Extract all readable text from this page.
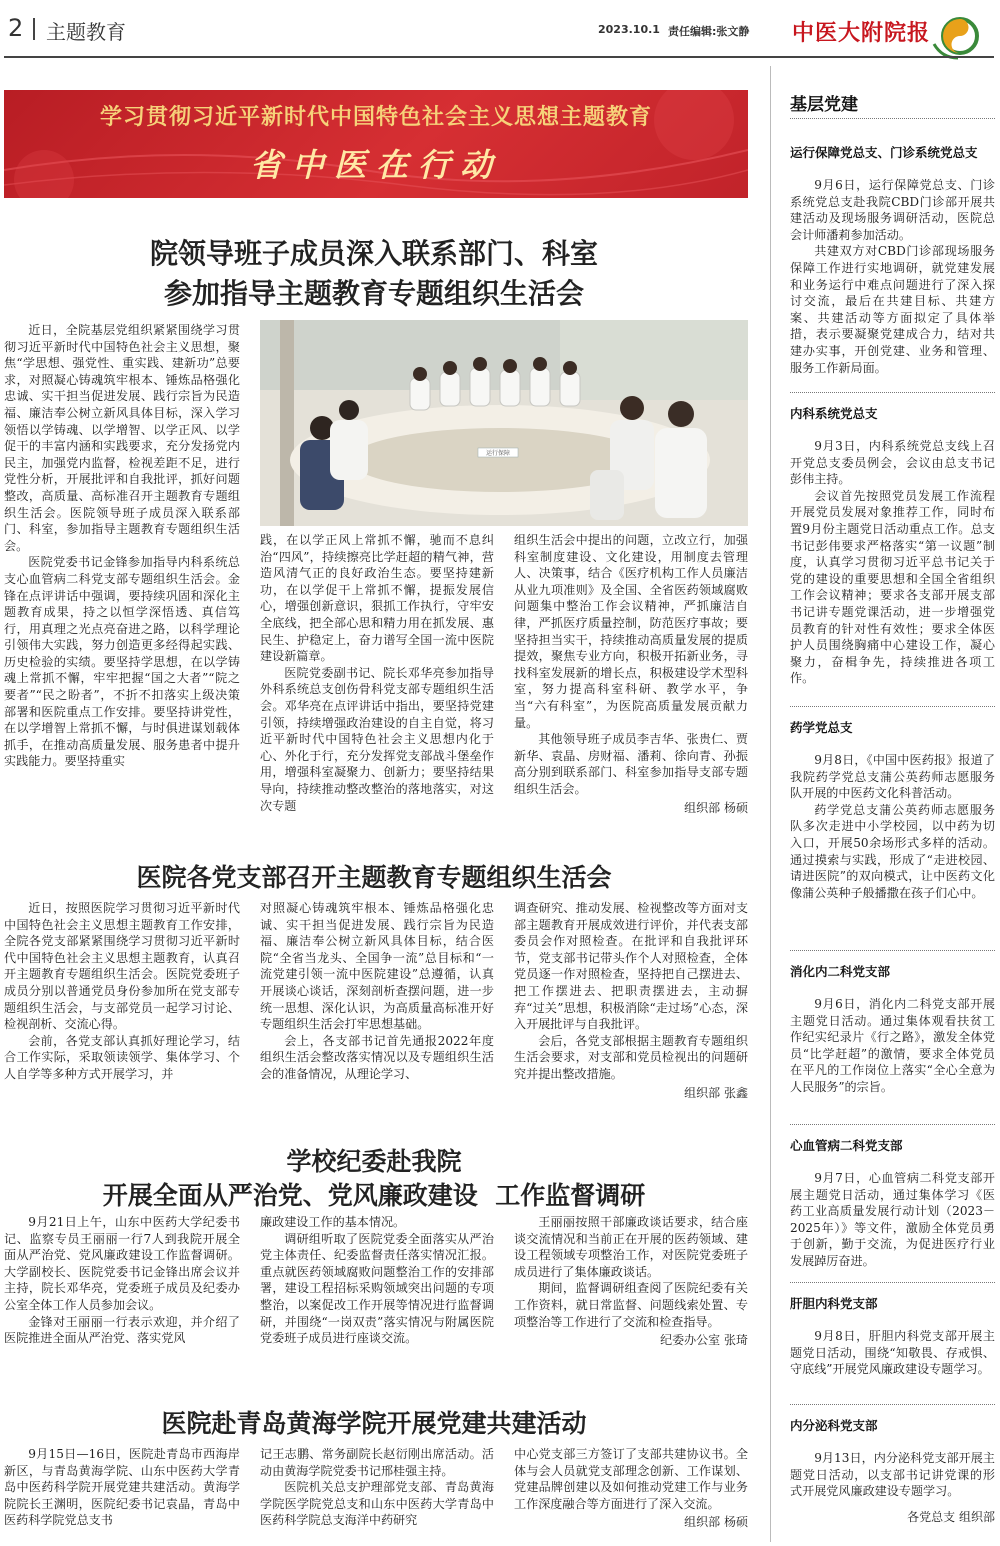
2 主题教育	2023.10.1 责任编辑:张文静 中医大附院报
学习贯彻习近平新时代中国特色社会主义思想主题教育
省中医在行动
院领导班子成员深入联系部门、科室
参加指导主题教育专题组织生活会

近日，全院基层党组织紧紧围绕学习贯彻习近平新时代中国特色社会主义思想，聚焦“学思想、强党性、重实践、建新功”总要求，对照凝心铸魂筑牢根本、锤炼品格强化忠诚、实干担当促进发展、践行宗旨为民造福、廉洁奉公树立新风具体目标，深入学习领悟以学铸魂、以学增智、以学正风、以学促干的丰富内涵和实践要求，充分发扬党内民主，加强党内监督，检视差距不足，进行党性分析，开展批评和自我批评，抓好问题整改，高质量、高标准召开主题教育专题组织生活会。医院领导班子成员深入联系部门、科室，参加指导主题教育专题组织生活会。

医院党委书记金锋参加指导内科系统总支心血管病二科党支部专题组织生活会。金锋在点评讲话中强调，要持续巩固和深化主题教育成果，持之以恒学深悟透、真信笃行，用真理之光点亮奋进之路，以科学理论引领伟大实践，努力创造更多经得起实践、历史检验的实绩。要坚持学思想，在以学铸魂上常抓不懈，牢牢把握“国之大者”“院之要者”“民之盼者”，不折不扣落实上级决策部署和医院重点工作安排。要坚持讲党性，在以学增智上常抓不懈，与时俱进谋划载体抓手，在推动高质量发展、服务患者中提升实践能力。要坚持重实

运行保障

践，在以学正风上常抓不懈，驰而不息纠治“四风”，持续擦亮比学赶超的精气神，营造风清气正的良好政治生态。要坚持建新功，在以学促干上常抓不懈，提振发展信心，增强创新意识，狠抓工作执行，守牢安全底线，把全部心思和精力用在抓发展、惠民生、护稳定上，奋力谱写全国一流中医院建设新篇章。

医院党委副书记、院长邓华亮参加指导外科系统总支创伤骨科党支部专题组织生活会。邓华亮在点评讲话中指出，要坚持党建引领，持续增强政治建设的自主自觉，将习近平新时代中国特色社会主义思想内化于心、外化于行，充分发挥党支部战斗堡垒作用，增强科室凝聚力、创新力；要坚持结果导向，持续推动整改整治的落地落实，对这次专题

组织生活会中提出的问题，立改立行，加强科室制度建设、文化建设，用制度去管理人、决策事，结合《医疗机构工作人员廉洁从业九项准则》及全国、全省医药领域腐败问题集中整治工作会议精神，严抓廉洁自律，严抓医疗质量控制，防范医疗事故；要坚持担当实干，持续推动高质量发展的提质提效，聚焦专业方向，积极开拓新业务，寻找科室发展新的增长点，积极建设学术型科室，努力提高科室科研、教学水平，争当“六有科室”，为医院高质量发展贡献力量。

其他领导班子成员李吉华、张贵仁、贾新华、袁晶、房财福、潘莉、徐向青、孙振高分别到联系部门、科室参加指导支部专题组织生活会。

组织部 杨硕
医院各党支部召开主题教育专题组织生活会

近日，按照医院学习贯彻习近平新时代中国特色社会主义思想主题教育工作安排，全院各党支部紧紧围绕学习贯彻习近平新时代中国特色社会主义思想主题教育，认真召开主题教育专题组织生活会。医院党委班子成员分别以普通党员身份参加所在党支部专题组织生活会，与支部党员一起学习讨论、检视剖析、交流心得。

会前，各党支部认真抓好理论学习，结合工作实际，采取领读领学、集体学习、个人自学等多种方式开展学习，并

对照凝心铸魂筑牢根本、锤炼品格强化忠诚、实干担当促进发展、践行宗旨为民造福、廉洁奉公树立新风具体目标，结合医院“全省当龙头、全国争一流”总目标和“一流党建引领一流中医院建设”总遵循，认真开展谈心谈话，深刻剖析查摆问题，进一步统一思想、深化认识，为高质量高标准开好专题组织生活会打牢思想基础。

会上，各支部书记首先通报2022年度组织生活会整改落实情况以及专题组织生活会的准备情况，从理论学习、

调查研究、推动发展、检视整改等方面对支部主题教育开展成效进行评价，并代表支部委员会作对照检查。在批评和自我批评环节，党支部书记带头作个人对照检查，全体党员逐一作对照检查，坚持把自己摆进去、把工作摆进去、把职责摆进去，主动摒弃“过关”思想，积极消除“走过场”心态，深入开展批评与自我批评。

会后，各党支部根据主题教育专题组织生活会要求，对支部和党员检视出的问题研究并提出整改措施。

组织部 张鑫
学校纪委赴我院
开展全面从严治党、党风廉政建设  工作监督调研

9月21日上午，山东中医药大学纪委书记、监察专员王丽丽一行7人到我院开展全面从严治党、党风廉政建设工作监督调研。大学副校长、医院党委书记金锋出席会议并主持，院长邓华亮，党委班子成员及纪委办公室全体工作人员参加会议。

金锋对王丽丽一行表示欢迎，并介绍了医院推进全面从严治党、落实党风

廉政建设工作的基本情况。

调研组听取了医院党委全面落实从严治党主体责任、纪委监督责任落实情况汇报。重点就医药领域腐败问题整治工作的安排部署，建设工程招标采购领域突出问题的专项整治，以案促改工作开展等情况进行监督调研，并围绕“一岗双责”落实情况与附属医院党委班子成员进行座谈交流。

王丽丽按照干部廉政谈话要求，结合座谈交流情况和当前正在开展的医药领域、建设工程领域专项整治工作，对医院党委班子成员进行了集体廉政谈话。

期间，监督调研组查阅了医院纪委有关工作资料，就日常监督、问题线索处置、专项整治等工作进行了交流和检查指导。

纪委办公室 张琦
医院赴青岛黄海学院开展党建共建活动

9月15日—16日，医院赴青岛市西海岸新区，与青岛黄海学院、山东中医药大学青岛中医药科学院开展党建共建活动。黄海学院院长王渊明，医院纪委书记袁晶，青岛中医药科学院党总支书

记王志鹏、常务副院长赵衍刚出席活动。活动由黄海学院党委书记邢桂强主持。

医院机关总支护理部党支部、青岛黄海学院医学院党总支和山东中医药大学青岛中医药科学院总支海洋中药研究

中心党支部三方签订了支部共建协议书。全体与会人员就党支部理念创新、工作谋划、党建品牌创建以及如何推动党建工作与业务工作深度融合等方面进行了深入交流。

组织部 杨硕
基层党建
运行保障党总支、门诊系统党总支

9月6日，运行保障党总支、门诊系统党总支赴我院CBD门诊部开展共建活动及现场服务调研活动，医院总会计师潘莉参加活动。

共建双方对CBD门诊部现场服务保障工作进行实地调研，就党建发展和业务运行中难点问题进行了深入探讨交流，最后在共建目标、共建方案、共建活动等方面拟定了具体举措，表示要凝聚党建成合力，结对共建办实事，开创党建、业务和管理、服务工作新局面。

内科系统党总支

9月3日，内科系统党总支线上召开党总支委员例会，会议由总支书记彭伟主持。

会议首先按照党员发展工作流程开展党员发展对象推荐工作，同时布置9月份主题党日活动重点工作。总支书记彭伟要求严格落实“第一议题”制度，认真学习贯彻习近平总书记关于党的建设的重要思想和全国全省组织工作会议精神；要求各支部开展支部书记讲专题党课活动，进一步增强党员教育的针对性有效性；要求全体医护人员围绕胸痛中心建设工作，凝心聚力，奋楫争先，持续推进各项工作。

药学党总支

9月8日，《中国中医药报》报道了我院药学党总支蒲公英药师志愿服务队开展的中医药文化科普活动。

药学党总支蒲公英药师志愿服务队多次走进中小学校园，以中药为切入口，开展50余场形式多样的活动。通过摸索与实践，形成了“走进校园、请进医院”的双向模式，让中医药文化像蒲公英种子般播撒在孩子们心中。

消化内二科党支部

9月6日，消化内二科党支部开展主题党日活动。通过集体观看扶贫工作纪实纪录片《行之路》，激发全体党员“比学赶超”的激情，要求全体党员在平凡的工作岗位上落实“全心全意为人民服务”的宗旨。

心血管病二科党支部

9月7日，心血管病二科党支部开展主题党日活动，通过集体学习《医药工业高质量发展行动计划（2023－2025年）》等文件，激励全体党员勇于创新，勤于交流，为促进医疗行业发展踔厉奋进。

肝胆内科党支部

9月8日，肝胆内科党支部开展主题党日活动，围绕“知敬畏、存戒惧、守底线”开展党风廉政建设专题学习。

内分泌科党支部

9月13日，内分泌科党支部开展主题党日活动，以支部书记讲党课的形式开展党风廉政建设专题学习。

各党总支 组织部
